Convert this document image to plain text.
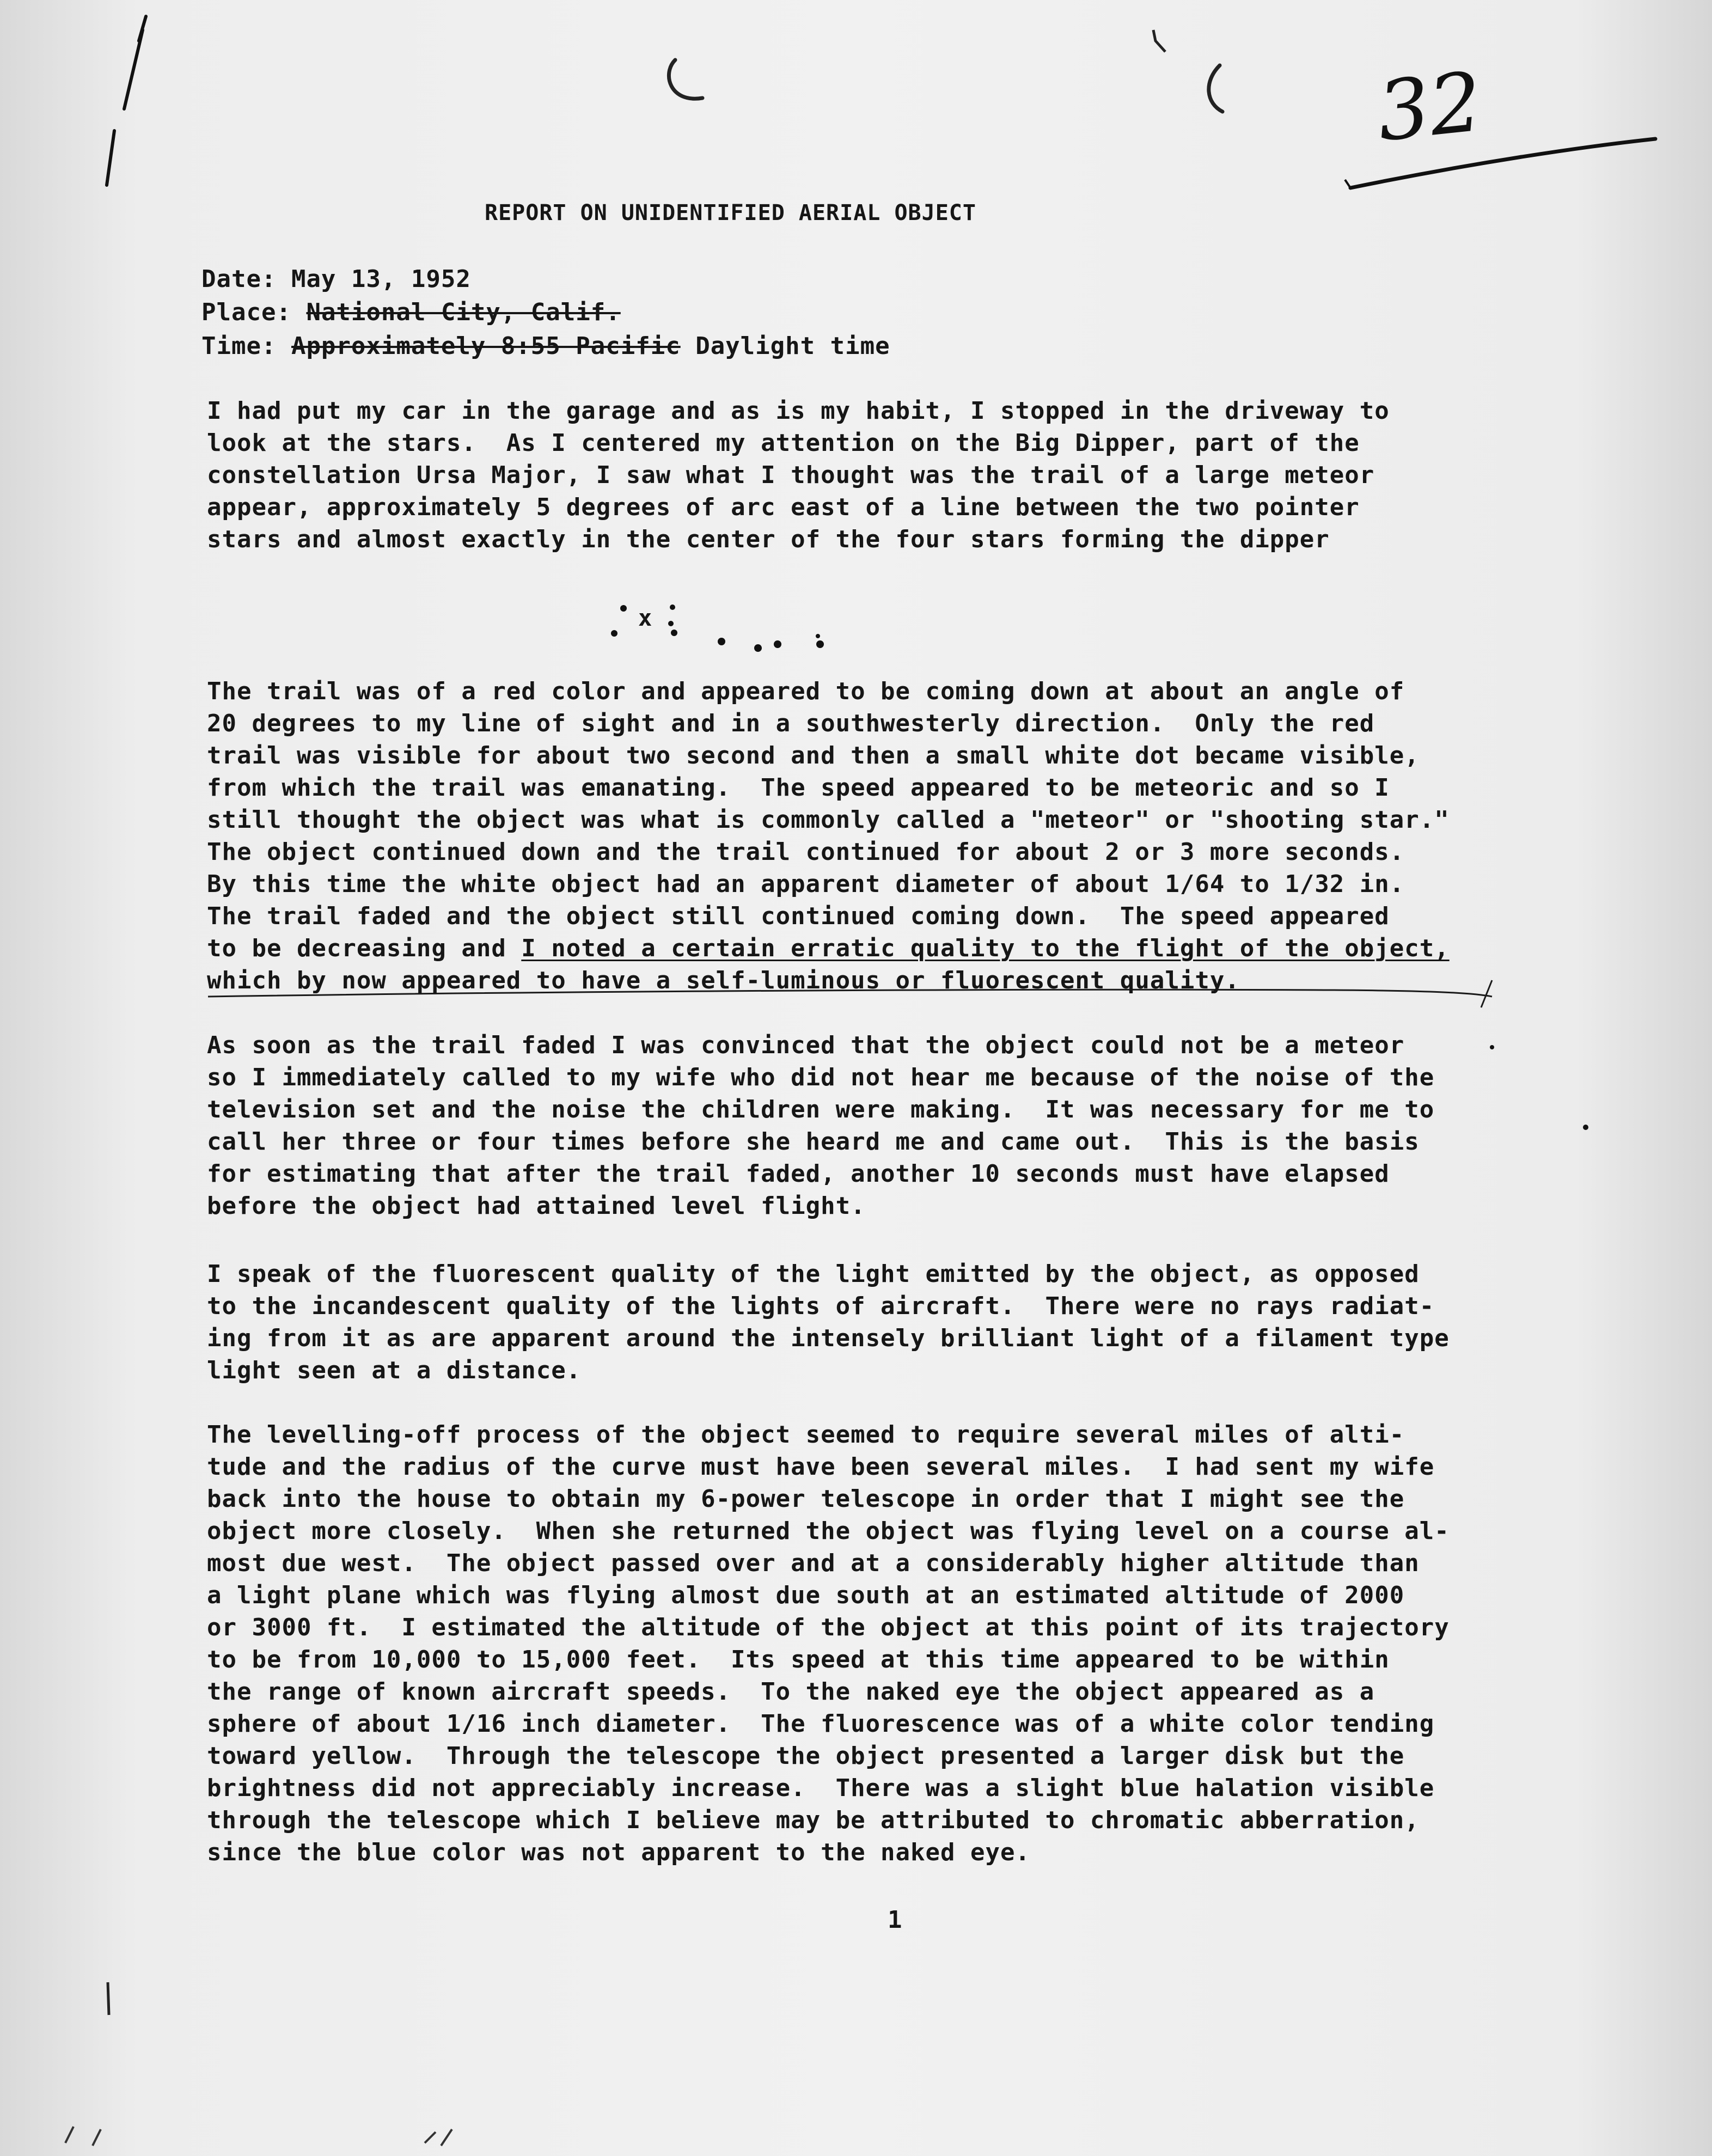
32

REPORT ON UNIDENTIFIED AERIAL OBJECT

Date: May 13, 1952

Place: National City, Calif.

Time: Approximately 8:55 Pacific Daylight time

I had put my car in the garage and as is my habit, I stopped in the driveway to
look at the stars.  As I centered my attention on the Big Dipper, part of the
constellation Ursa Major, I saw what I thought was the trail of a large meteor
appear, approximately 5 degrees of arc east of a line between the two pointer
stars and almost exactly in the center of the four stars forming the dipper

x

The trail was of a red color and appeared to be coming down at about an angle of
20 degrees to my line of sight and in a southwesterly direction.  Only the red
trail was visible for about two second and then a small white dot became visible,
from which the trail was emanating.  The speed appeared to be meteoric and so I
still thought the object was what is commonly called a "meteor" or "shooting star."
The object continued down and the trail continued for about 2 or 3 more seconds.
By this time the white object had an apparent diameter of about 1/64 to 1/32 in.
The trail faded and the object still continued coming down.  The speed appeared
to be decreasing and I noted a certain erratic quality to the flight of the object,
which by now appeared to have a self-luminous or fluorescent quality.
As soon as the trail faded I was convinced that the object could not be a meteor
so I immediately called to my wife who did not hear me because of the noise of the
television set and the noise the children were making.  It was necessary for me to
call her three or four times before she heard me and came out.  This is the basis
for estimating that after the trail faded, another 10 seconds must have elapsed
before the object had attained level flight.
I speak of the fluorescent quality of the light emitted by the object, as opposed
to the incandescent quality of the lights of aircraft.  There were no rays radiat-
ing from it as are apparent around the intensely brilliant light of a filament type
light seen at a distance.
The levelling-off process of the object seemed to require several miles of alti-
tude and the radius of the curve must have been several miles.  I had sent my wife
back into the house to obtain my 6-power telescope in order that I might see the
object more closely.  When she returned the object was flying level on a course al-
most due west.  The object passed over and at a considerably higher altitude than
a light plane which was flying almost due south at an estimated altitude of 2000
or 3000 ft.  I estimated the altitude of the object at this point of its trajectory
to be from 10,000 to 15,000 feet.  Its speed at this time appeared to be within
the range of known aircraft speeds.  To the naked eye the object appeared as a
sphere of about 1/16 inch diameter.  The fluorescence was of a white color tending
toward yellow.  Through the telescope the object presented a larger disk but the
brightness did not appreciably increase.  There was a slight blue halation visible
through the telescope which I believe may be attributed to chromatic abberration,
since the blue color was not apparent to the naked eye.

1
